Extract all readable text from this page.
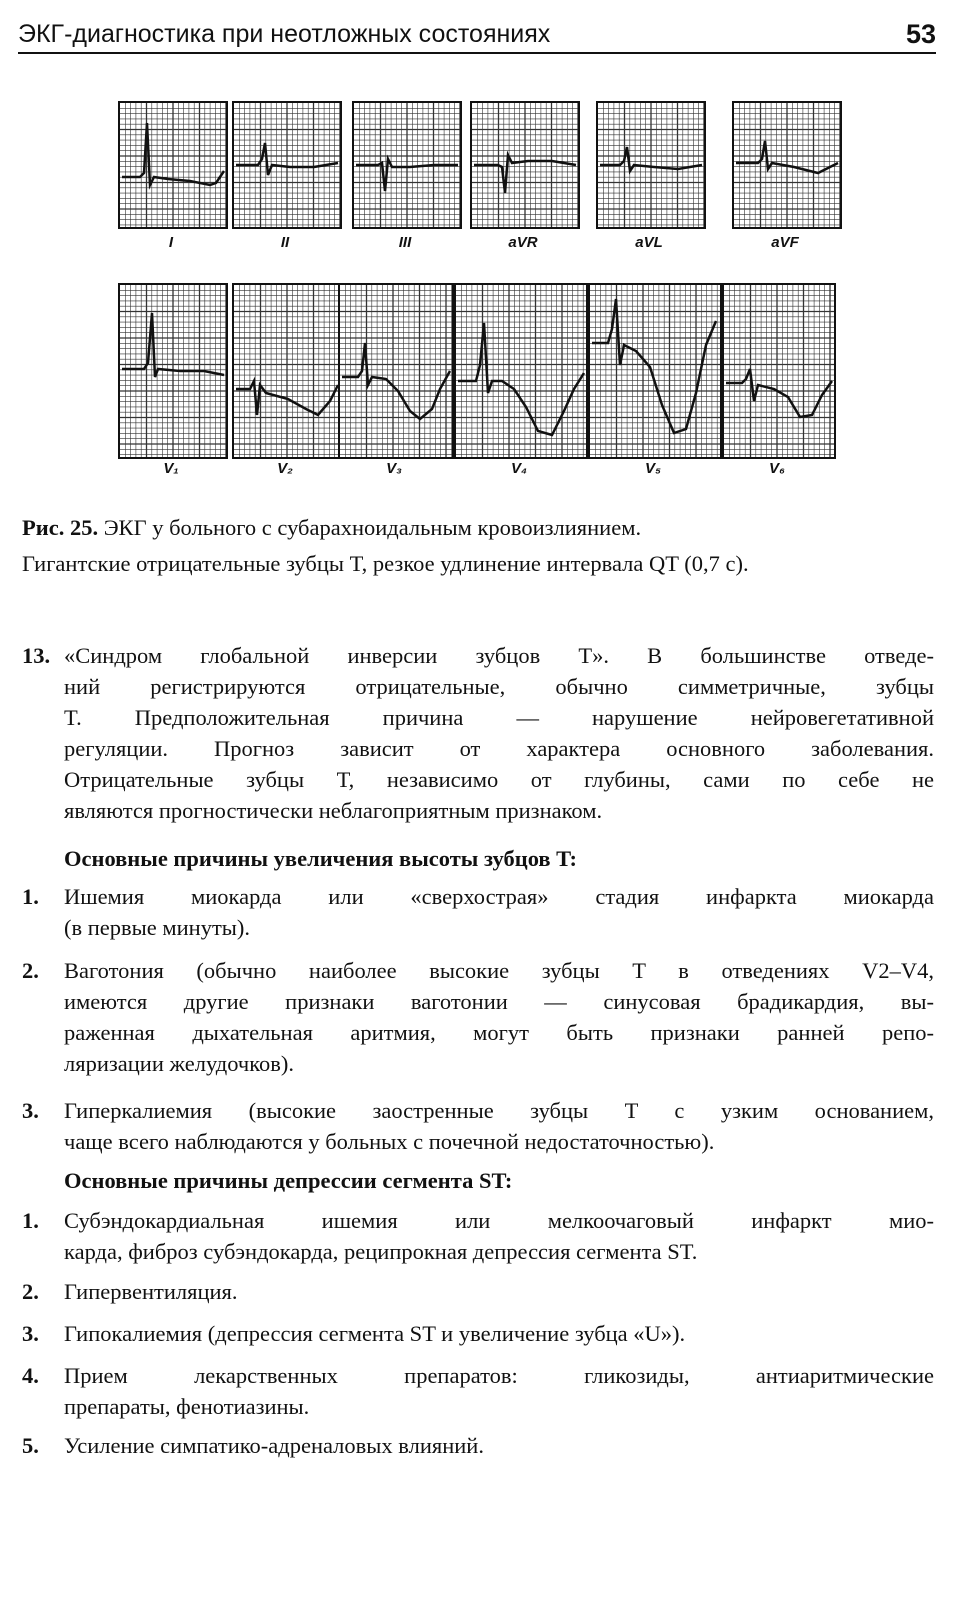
ЭКГ-диагностика при неотложных состояниях	53
I	II	III	aVR	aVL	aVF
V₁	V₂	V₃	V₄	V₅	V₆
Рис. 25. ЭКГ у больного с субарахноидальным кровоизлиянием.
Гигантские отрицательные зубцы T, резкое удлинение интервала QT (0,7 с).
13. «Синдром глобальной инверсии зубцов T». В большинстве отведе-
ний регистрируются отрицательные, обычно симметричные, зубцы
T. Предположительная причина — нарушение нейровегетативной
регуляции. Прогноз зависит от характера основного заболевания.
Отрицательные зубцы T, независимо от глубины, сами по себе не
являются прогностически неблагоприятным признаком.
Основные причины увеличения высоты зубцов T:
1. Ишемия миокарда или «сверхострая» стадия инфаркта миокарда
(в первые минуты).
2. Ваготония (обычно наиболее высокие зубцы T в отведениях V2–V4,
имеются другие признаки ваготонии — синусовая брадикардия, вы-
раженная дыхательная аритмия, могут быть признаки ранней репо-
ляризации желудочков).
3. Гиперкалиемия (высокие заостренные зубцы T с узким основанием,
чаще всего наблюдаются у больных с почечной недостаточностью).
Основные причины депрессии сегмента ST:
1. Субэндокардиальная ишемия или мелкоочаговый инфаркт мио-
карда, фиброз субэндокарда, реципрокная депрессия сегмента ST.
2. Гипервентиляция.
3. Гипокалиемия (депрессия сегмента ST и увеличение зубца «U»).
4. Прием лекарственных препаратов: гликозиды, антиаритмические
препараты, фенотиазины.
5. Усиление симпатико-адреналовых влияний.
